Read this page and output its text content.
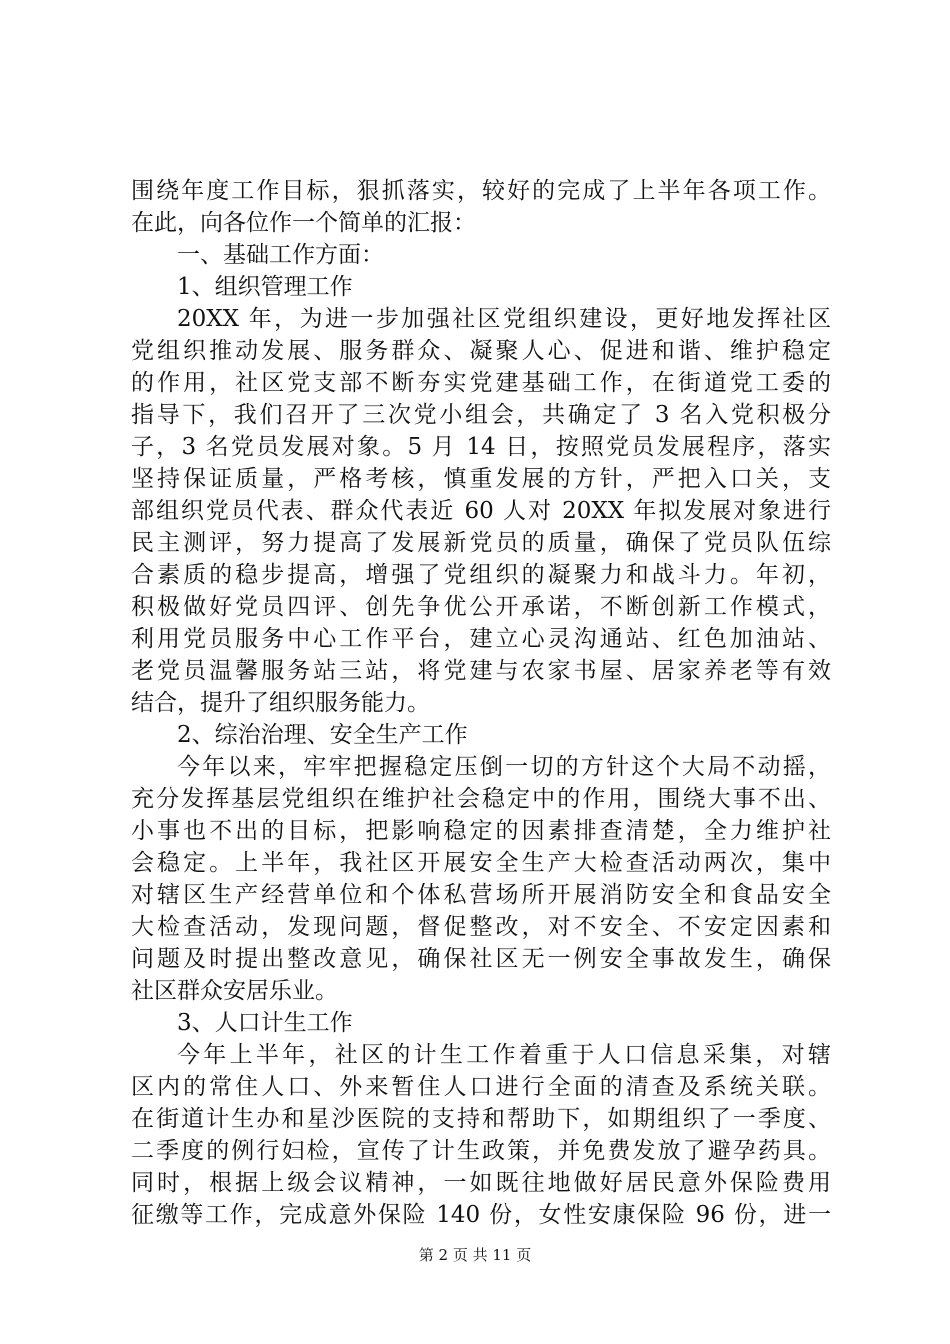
围绕年度工作目标，狠抓落实，较好的完成了上半年各项工作。
在此，向各位作一个简单的汇报：
一、基础工作方面：
1、组织管理工作
20XX 年，为进一步加强社区党组织建设，更好地发挥社区
党组织推动发展、服务群众、凝聚人心、促进和谐、维护稳定
的作用，社区党支部不断夯实党建基础工作，在街道党工委的
指导下，我们召开了三次党小组会，共确定了 3 名入党积极分
子，3 名党员发展对象。5 月 14 日，按照党员发展程序，落实
坚持保证质量，严格考核，慎重发展的方针，严把入口关，支
部组织党员代表、群众代表近 60 人对 20XX 年拟发展对象进行
民主测评，努力提高了发展新党员的质量，确保了党员队伍综
合素质的稳步提高，增强了党组织的凝聚力和战斗力。年初，
积极做好党员四评、创先争优公开承诺，不断创新工作模式，
利用党员服务中心工作平台，建立心灵沟通站、红色加油站、
老党员温馨服务站三站，将党建与农家书屋、居家养老等有效
结合，提升了组织服务能力。
2、综治治理、安全生产工作
今年以来，牢牢把握稳定压倒一切的方针这个大局不动摇，
充分发挥基层党组织在维护社会稳定中的作用，围绕大事不出、
小事也不出的目标，把影响稳定的因素排查清楚，全力维护社
会稳定。上半年，我社区开展安全生产大检查活动两次，集中
对辖区生产经营单位和个体私营场所开展消防安全和食品安全
大检查活动，发现问题，督促整改，对不安全、不安定因素和
问题及时提出整改意见，确保社区无一例安全事故发生，确保
社区群众安居乐业。
3、人口计生工作
今年上半年，社区的计生工作着重于人口信息采集，对辖
区内的常住人口、外来暂住人口进行全面的清查及系统关联。
在街道计生办和星沙医院的支持和帮助下，如期组织了一季度、
二季度的例行妇检，宣传了计生政策，并免费发放了避孕药具。
同时，根据上级会议精神，一如既往地做好居民意外保险费用
征缴等工作，完成意外保险 140 份，女性安康保险 96 份，进一
第 2 页 共 11 页
